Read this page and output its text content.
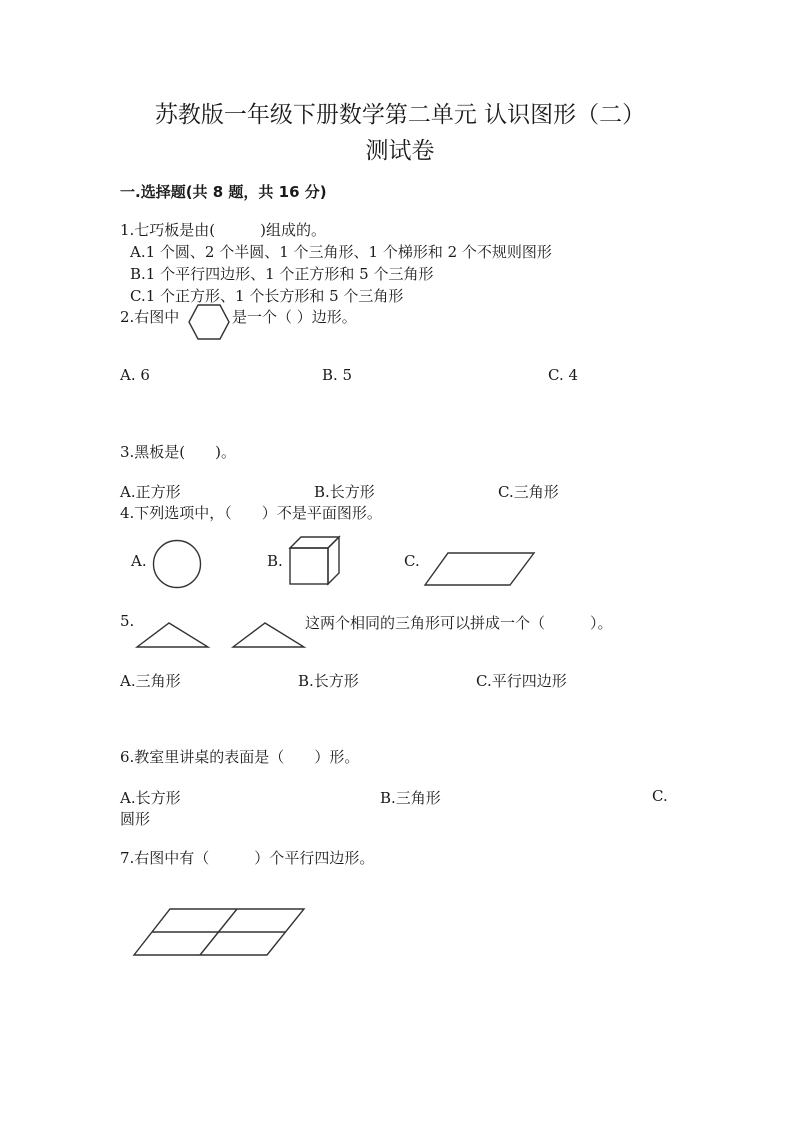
苏教版一年级下册数学第二单元 认识图形（二）
测试卷
一.选择题(共 8 题，共 16 分)
1.七巧板是由(　　　)组成的。
A.1 个圆、2 个半圆、1 个三角形、1 个梯形和 2 个不规则图形
B.1 个平行四边形、1 个正方形和 5 个三角形
C.1 个正方形、1 个长方形和 5 个三角形
2.右图中	是一个（ ）边形。
A. 6	B. 5	C. 4
3.黑板是(　　)。
A.正方形	B.长方形	C.三角形
4.下列选项中，（　　）不是平面图形。
A.	B.	C.
5.	这两个相同的三角形可以拼成一个（　　　）。
A.三角形	B.长方形	C.平行四边形
6.教室里讲桌的表面是（　　）形。
A.长方形	B.三角形	C.
圆形
7.右图中有（　　　）个平行四边形。
